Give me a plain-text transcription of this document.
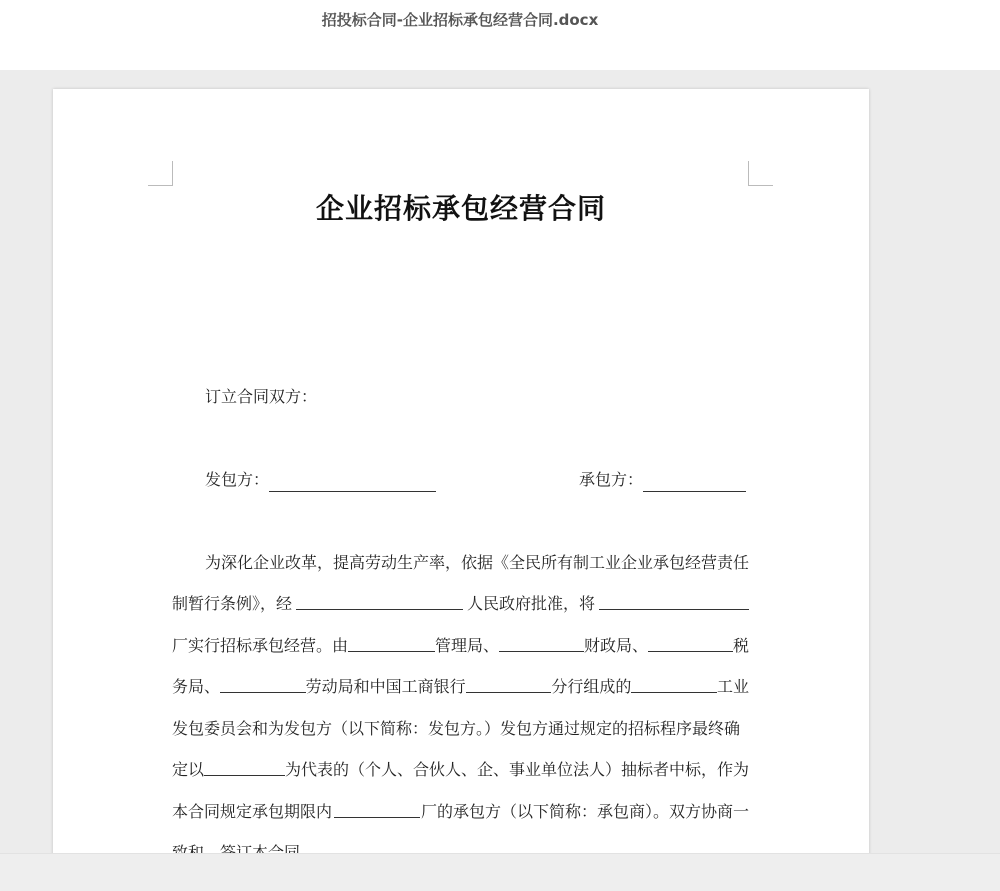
招投标合同-企业招标承包经营合同.docx
企业招标承包经营合同
订立合同双方：
发包方：	承包方：
为深化企业改革，提高劳动生产率，依据《全民所有制工业企业承包经营责任
制暂行条例》，经	人民政府批准，将
厂实行招标承包经营。由	管理局、	财政局、	税
务局、	劳动局和中国工商银行	分行组成的	工业
发包委员会和为发包方（以下简称：发包方。）发包方通过规定的招标程序最终确
定以	为代表的（个人、合伙人、企、事业单位法人）抽标者中标，作为
本合同规定承包期限内	厂的承包方（以下简称：承包商）。双方协商一
